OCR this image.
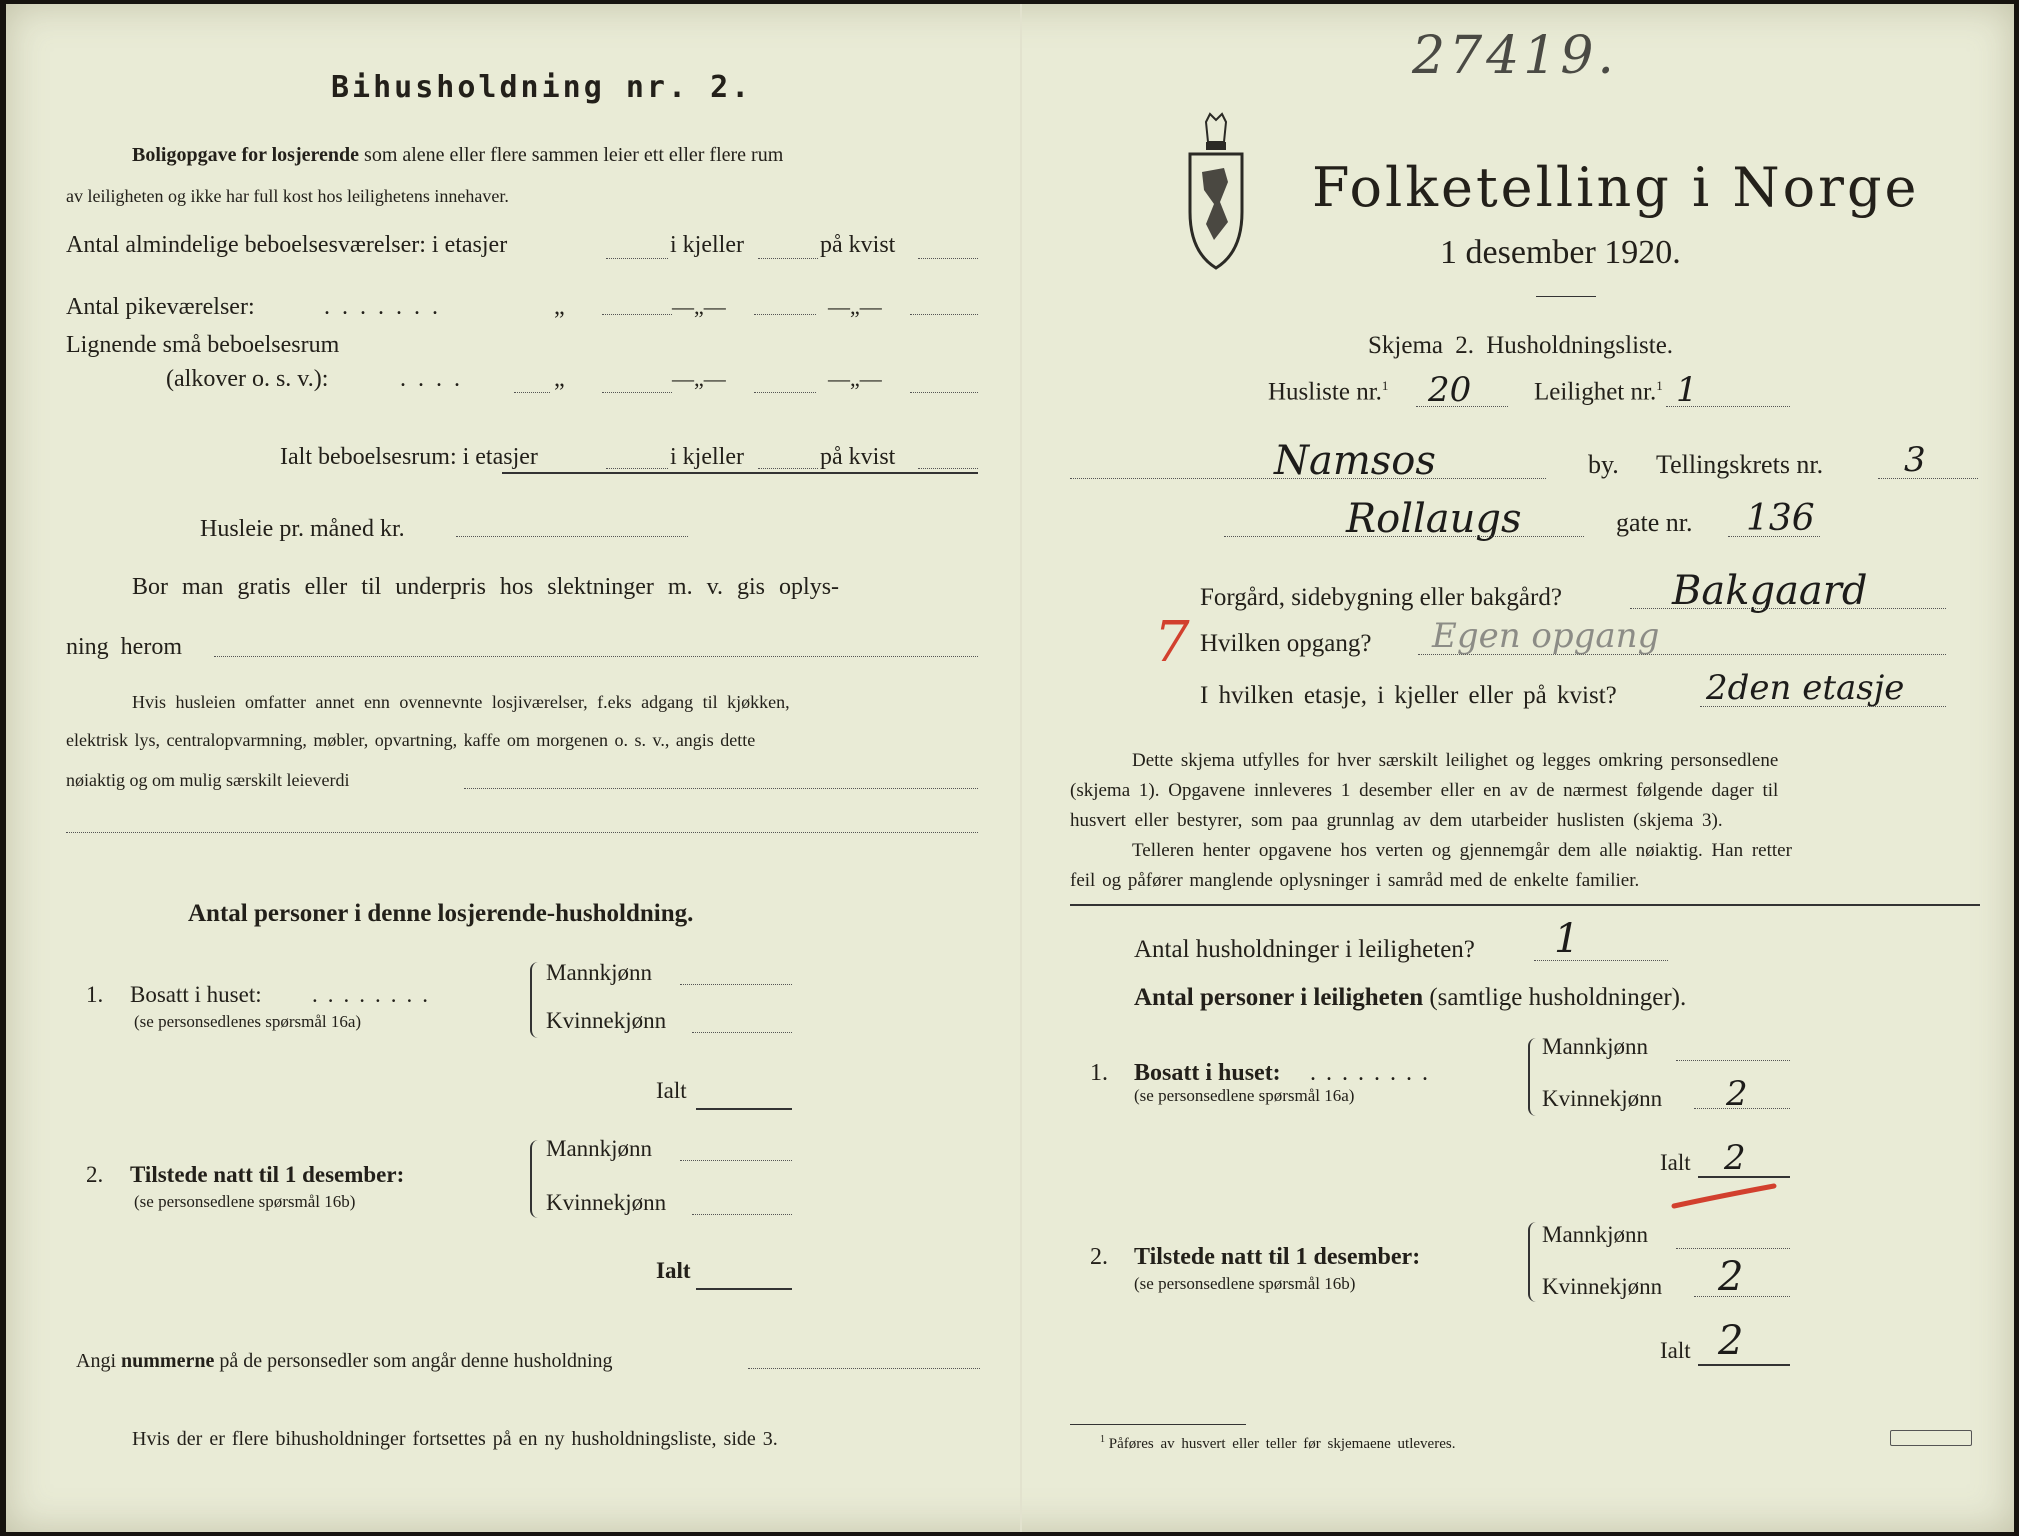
Bihusholdning nr. 2.
Boligopgave for losjerende som alene eller flere sammen leier ett eller flere rum
av leiligheten og ikke har full kost hos leilighetens innehaver.
Antal almindelige beboelsesværelser: i etasjer	i kjeller	på kvist
Antal pikeværelser:	.......	„	—„—	—„—
Lignende små beboelsesrum
(alkover o. s. v.):	....	„	—„—	—„—
Ialt beboelsesrum: i etasjer	i kjeller	på kvist
Husleie pr. måned kr.
Bor man gratis eller til underpris hos slektninger m. v. gis oplys-
ning herom
Hvis husleien omfatter annet enn ovennevnte losjiværelser, f.eks adgang til kjøkken,
elektrisk lys, centralopvarmning, møbler, opvartning, kaffe om morgenen o. s. v., angis dette
nøiaktig og om mulig særskilt leieverdi
Antal personer i denne losjerende-husholdning.
1. Bosatt i huset: ........
(se personsedlenes spørsmål 16a)
Mannkjønn
Kvinnekjønn
Ialt
2. Tilstede natt til 1 desember:
(se personsedlene spørsmål 16b)
Mannkjønn
Kvinnekjønn
Ialt
Angi nummerne på de personsedler som angår denne husholdning
Hvis der er flere bihusholdninger fortsettes på en ny husholdningsliste, side 3.
27419.
Folketelling i Norge
1 desember 1920.
Skjema 2. Husholdningsliste.
Husliste nr.$^1$ 20	Leilighet nr.$^1$ 1
Namsos	by. Tellingskrets nr. 3
Rollaugs	gate nr. 136
Forgård, sidebygning eller bakgård?	Bakgaard
7 Hvilken opgang? Egen opgang
I hvilken etasje, i kjeller eller på kvist?	2den etasje
Dette skjema utfylles for hver særskilt leilighet og legges omkring personsedlene
(skjema 1). Opgavene innleveres 1 desember eller en av de nærmest følgende dager til
husvert eller bestyrer, som paa grunnlag av dem utarbeider huslisten (skjema 3).
Telleren henter opgavene hos verten og gjennemgår dem alle nøiaktig. Han retter
feil og påfører manglende oplysninger i samråd med de enkelte familier.
Antal husholdninger i leiligheten? 1
Antal personer i leiligheten (samtlige husholdninger).
1. Bosatt i huset: ........
(se personsedlene spørsmål 16a)
Mannkjønn
Kvinnekjønn 2
Ialt 2
2. Tilstede natt til 1 desember:
(se personsedlene spørsmål 16b)
Mannkjønn
Kvinnekjønn 2
Ialt 2
$^1$ Påføres av husvert eller teller før skjemaene utleveres.
